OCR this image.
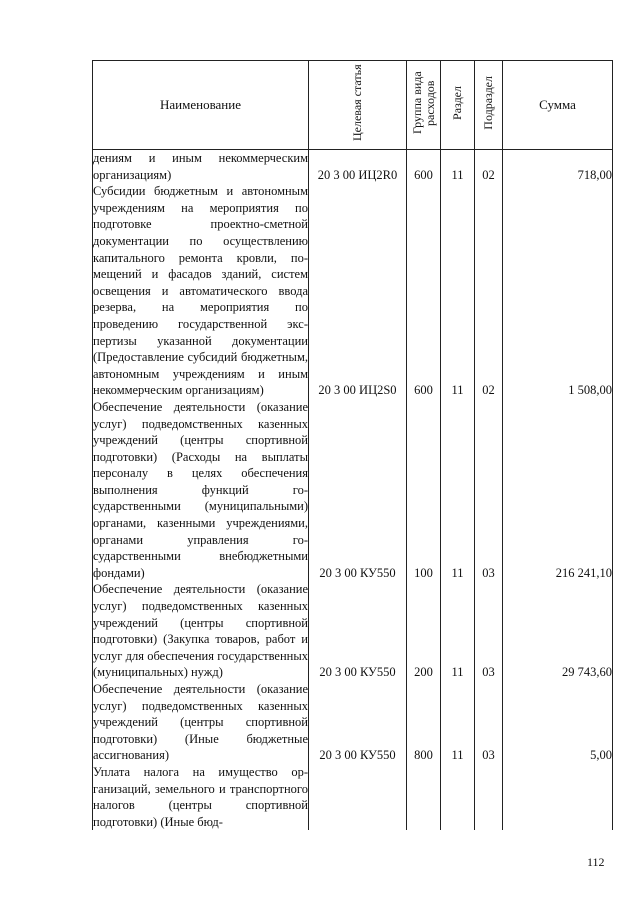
Наименование	Целевая статья	Группа вида расходов	Раздел	Подраздел	Сумма
дениям и иным некоммерческим организациям)	20 3 00 ИЦ2R0	600	11	02	718,00
Субсидии бюджетным и автономным учреждениям на мероприятия по подготовке проектно-сметной документации по осуществлению капитального ремонта кровли, помещений и фасадов зданий, систем освещения и автоматического ввода резерва, на мероприятия по проведению государственной экспертизы указанной документации (Предоставление субсидий бюджетным, автономным учреждениям и иным некоммерческим организациям)	20 3 00 ИЦ2S0	600	11	02	1 508,00
Обеспечение деятельности (оказание услуг) подведомственных казенных учреждений (центры спортивной подготовки) (Расходы на выплаты персоналу в целях обеспечения выполнения функций государственными (муниципальными) органами, казенными учреждениями, органами управления государственными внебюджетными фондами)	20 3 00 КУ550	100	11	03	216 241,10
Обеспечение деятельности (оказание услуг) подведомственных казенных учреждений (центры спортивной подготовки) (Закупка товаров, работ и услуг для обеспечения государственных (муниципальных) нужд)	20 3 00 КУ550	200	11	03	29 743,60
Обеспечение деятельности (оказание услуг) подведомственных казенных учреждений (центры спортивной подготовки) (Иные бюджетные ассигнования)	20 3 00 КУ550	800	11	03	5,00
Уплата налога на имущество организаций, земельного и транспортного налогов (центры спортивной подготовки) (Иные бюд-					
112
